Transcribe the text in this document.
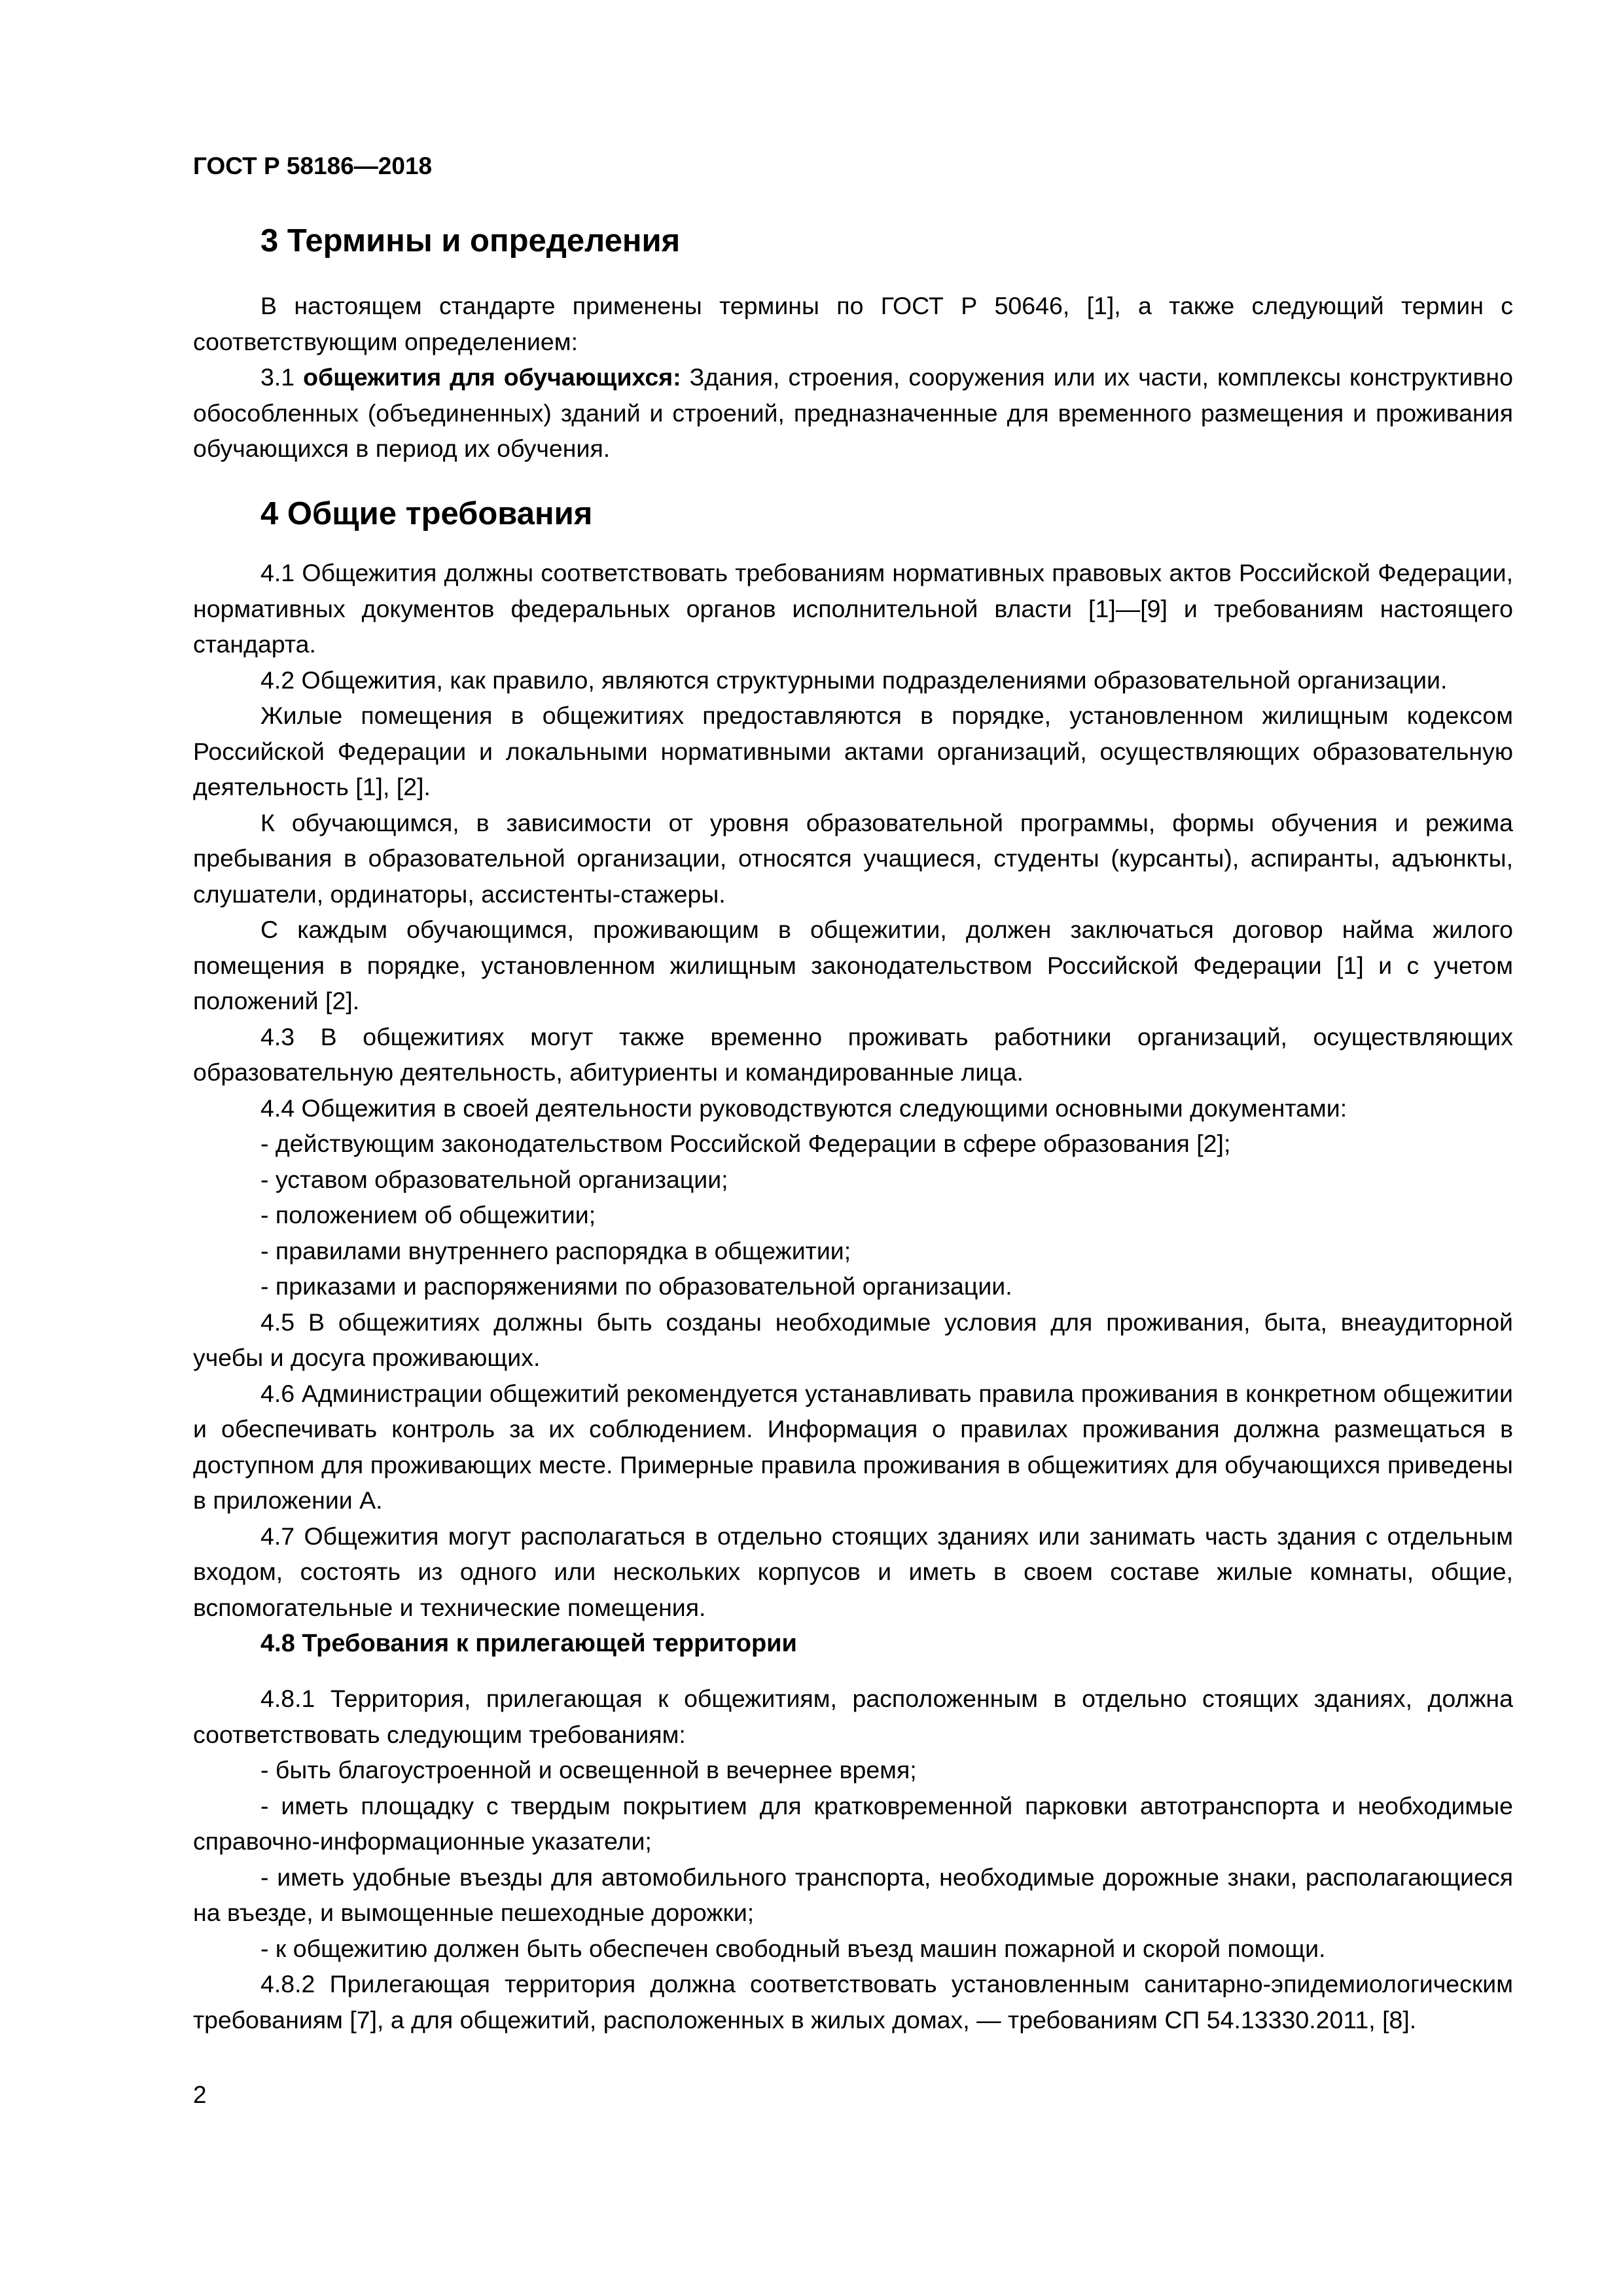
ГОСТ Р 58186—2018
3 Термины и определения

В настоящем стандарте применены термины по ГОСТ Р 50646, [1], а также следующий термин с соответствующим определением:

3.1 общежития для обучающихся: Здания, строения, сооружения или их части, комплексы конструктивно обособленных (объединенных) зданий и строений, предназначенные для временного размещения и проживания обучающихся в период их обучения.

4 Общие требования

4.1 Общежития должны соответствовать требованиям нормативных правовых актов Российской Федерации, нормативных документов федеральных органов исполнительной власти [1]—[9] и требованиям настоящего стандарта.

4.2 Общежития, как правило, являются структурными подразделениями образовательной организации.

Жилые помещения в общежитиях предоставляются в порядке, установленном жилищным кодексом Российской Федерации и локальными нормативными актами организаций, осуществляющих образовательную деятельность [1], [2].

К обучающимся, в зависимости от уровня образовательной программы, формы обучения и режима пребывания в образовательной организации, относятся учащиеся, студенты (курсанты), аспиранты, адъюнкты, слушатели, ординаторы, ассистенты-стажеры.

С каждым обучающимся, проживающим в общежитии, должен заключаться договор найма жилого помещения в порядке, установленном жилищным законодательством Российской Федерации [1] и с учетом положений [2].

4.3 В общежитиях могут также временно проживать работники организаций, осуществляющих образовательную деятельность, абитуриенты и командированные лица.

4.4 Общежития в своей деятельности руководствуются следующими основными документами:

- действующим законодательством Российской Федерации в сфере образования [2];

- уставом образовательной организации;

- положением об общежитии;

- правилами внутреннего распорядка в общежитии;

- приказами и распоряжениями по образовательной организации.

4.5 В общежитиях должны быть созданы необходимые условия для проживания, быта, внеаудиторной учебы и досуга проживающих.

4.6 Администрации общежитий рекомендуется устанавливать правила проживания в конкретном общежитии и обеспечивать контроль за их соблюдением. Информация о правилах проживания должна размещаться в доступном для проживающих месте. Примерные правила проживания в общежитиях для обучающихся приведены в приложении А.

4.7 Общежития могут располагаться в отдельно стоящих зданиях или занимать часть здания с отдельным входом, состоять из одного или нескольких корпусов и иметь в своем составе жилые комнаты, общие, вспомогательные и технические помещения.

4.8 Требования к прилегающей территории

4.8.1 Территория, прилегающая к общежитиям, расположенным в отдельно стоящих зданиях, должна соответствовать следующим требованиям:

- быть благоустроенной и освещенной в вечернее время;

- иметь площадку с твердым покрытием для кратковременной парковки автотранспорта и необходимые справочно-информационные указатели;

- иметь удобные въезды для автомобильного транспорта, необходимые дорожные знаки, располагающиеся на въезде, и вымощенные пешеходные дорожки;

- к общежитию должен быть обеспечен свободный въезд машин пожарной и скорой помощи.

4.8.2 Прилегающая территория должна соответствовать установленным санитарно-эпидемиологическим требованиям [7], а для общежитий, расположенных в жилых домах, — требованиям СП 54.13330.2011, [8].

2
